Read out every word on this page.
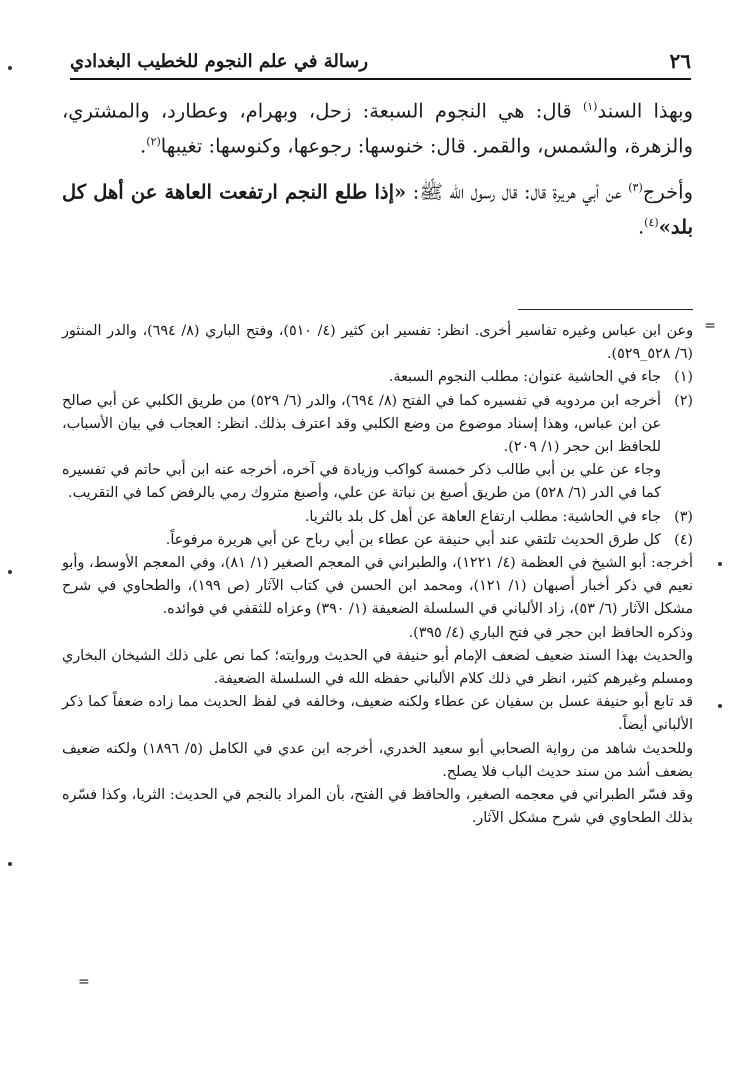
٢٦
رسالة في علم النجوم للخطيب البغدادي

وبهذا السند$^{(١)}$ قال: هي النجوم السبعة: زحل، وبهرام، وعطارد، والمشتري، والزهرة، والشمس، والقمر. قال: خنوسها: رجوعها، وكنوسها: تغيبها$^{(٢)}$.

وأخرج$^{(٣)}$ عن أبي هريرة قال: قال رسول الله ﷺ: «إذا طلع النجم ارتفعت العاهة عن أهل كل بلد»$^{(٤)}$.

=

وعن ابن عباس وغيره تفاسير أخرى. انظر: تفسير ابن كثير (٤/ ٥١٠)، وفتح الباري (٨/ ٦٩٤)، والدر المنثور (٦/ ٥٢٨_٥٢٩).

(١)

جاء في الحاشية عنوان: مطلب النجوم السبعة.

(٢)

أخرجه ابن مردويه في تفسيره كما في الفتح (٨/ ٦٩٤)، والدر (٦/ ٥٢٩) من طريق الكلبي عن أبي صالح عن ابن عباس، وهذا إسناد موضوع من وضع الكلبي وقد اعترف بذلك. انظر: العجاب في بيان الأسباب، للحافظ ابن حجر (١/ ٢٠٩).

وجاء عن علي بن أبي طالب ذكر خمسة كواكب وزيادة في آخره، أخرجه عنه ابن أبي حاتم في تفسيره كما في الدر (٦/ ٥٢٨) من طريق أصبغ بن نباتة عن علي، وأصبغ متروك رمي بالرفض كما في التقريب.

(٣)

جاء في الحاشية: مطلب ارتفاع العاهة عن أهل كل بلد بالثريا.

(٤)

كل طرق الحديث تلتقي عند أبي حنيفة عن عطاء بن أبي رباح عن أبي هريرة مرفوعاً.

أخرجه: أبو الشيخ في العظمة (٤/ ١٢٢١)، والطبراني في المعجم الصغير (١/ ٨١)، وفي المعجم الأوسط، وأبو نعيم في ذكر أخبار أصبهان (١/ ١٢١)، ومحمد ابن الحسن في كتاب الآثار (ص ١٩٩)، والطحاوي في شرح مشكل الآثار (٦/ ٥٣)، زاد الألباني في السلسلة الضعيفة (١/ ٣٩٠) وعزاه للثقفي في فوائده.

وذكره الحافظ ابن حجر في فتح الباري (٤/ ٣٩٥).

والحديث بهذا السند ضعيف لضعف الإمام أبو حنيفة في الحديث وروايته؛ كما نص على ذلك الشيخان البخاري ومسلم وغيرهم كثير، انظر في ذلك كلام الألباني حفظه الله في السلسلة الضعيفة.

قد تابع أبو حنيفة عسل بن سفيان عن عطاء ولكنه ضعيف، وخالفه في لفظ الحديث مما زاده ضعفاً كما ذكر الألباني أيضاً.

وللحديث شاهد من رواية الصحابي أبو سعيد الخدري، أخرجه ابن عدي في الكامل (٥/ ١٨٩٦) ولكنه ضعيف بضعف أشد من سند حديث الباب فلا يصلح.

وقد فسّر الطبراني في معجمه الصغير، والحافظ في الفتح، بأن المراد بالنجم في الحديث: الثريا، وكذا فسّره بذلك الطحاوي في شرح مشكل الآثار.

=
